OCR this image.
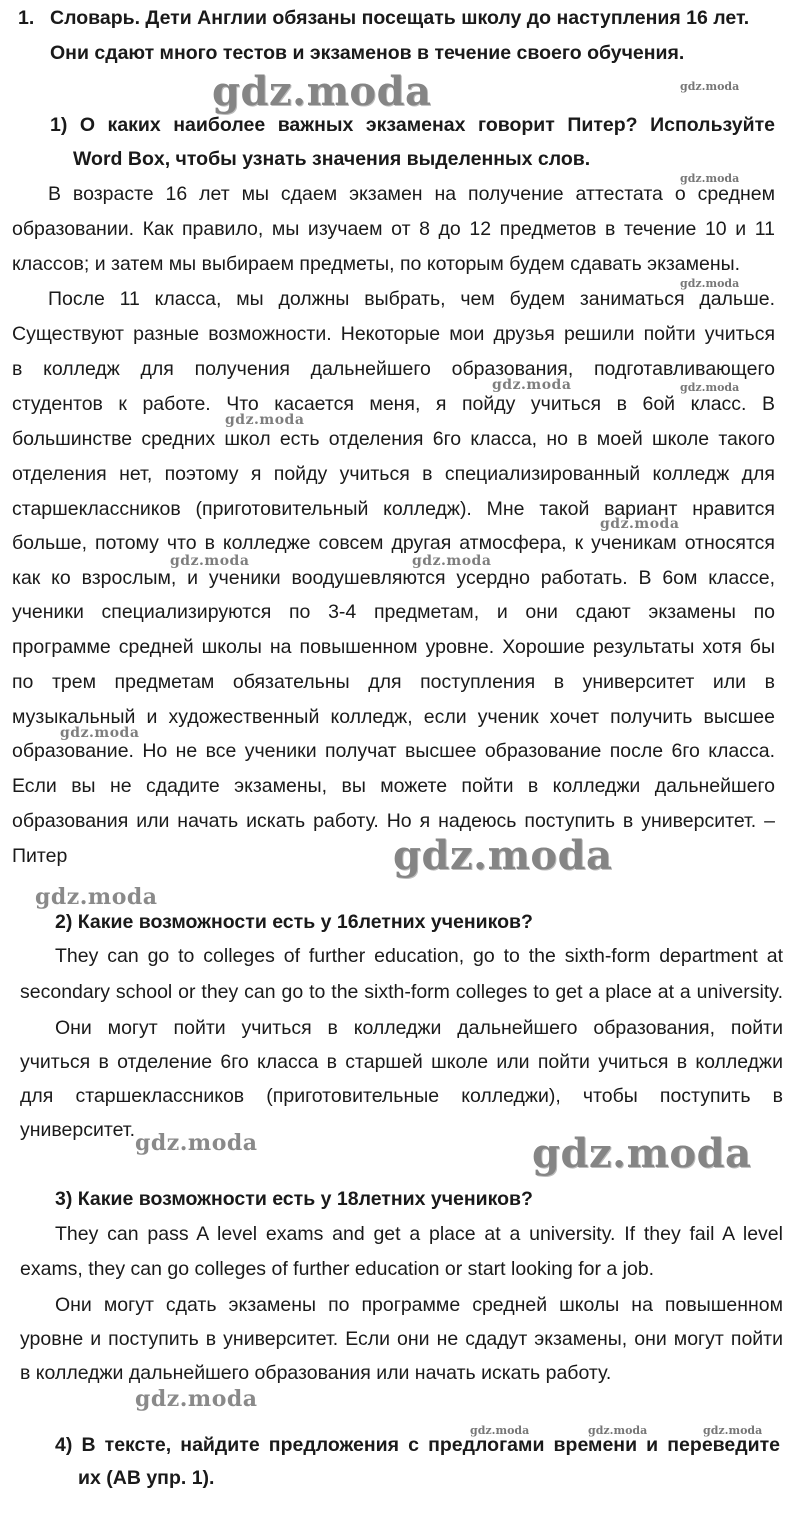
1. Словарь. Дети Англии обязаны посещать школу до наступления 16 лет.
Они сдают много тестов и экзаменов в течение своего обучения.
1) О каких наиболее важных экзаменах говорит Питер? Используйте
Word Box, чтобы узнать значения выделенных слов.
В возрасте 16 лет мы сдаем экзамен на получение аттестата о среднем
образовании. Как правило, мы изучаем от 8 до 12 предметов в течение 10 и 11
классов; и затем мы выбираем предметы, по которым будем сдавать экзамены.
После 11 класса, мы должны выбрать, чем будем заниматься дальше.
Существуют разные возможности. Некоторые мои друзья решили пойти учиться
в колледж для получения дальнейшего образования, подготавливающего
студентов к работе. Что касается меня, я пойду учиться в 6ой класс. В
большинстве средних школ есть отделения 6го класса, но в моей школе такого
отделения нет, поэтому я пойду учиться в специализированный колледж для
старшеклассников (приготовительный колледж). Мне такой вариант нравится
больше, потому что в колледже совсем другая атмосфера, к ученикам относятся
как ко взрослым, и ученики воодушевляются усердно работать. В 6ом классе,
ученики специализируются по 3-4 предметам, и они сдают экзамены по
программе средней школы на повышенном уровне. Хорошие результаты хотя бы
по трем предметам обязательны для поступления в университет или в
музыкальный и художественный колледж, если ученик хочет получить высшее
образование. Но не все ученики получат высшее образование после 6го класса.
Если вы не сдадите экзамены, вы можете пойти в колледжи дальнейшего
образования или начать искать работу. Но я надеюсь поступить в университет. –
Питер
2) Какие возможности есть у 16летних учеников?
They can go to colleges of further education, go to the sixth-form department at
secondary school or they can go to the sixth-form colleges to get a place at a university.
Они могут пойти учиться в колледжи дальнейшего образования, пойти
учиться в отделение 6го класса в старшей школе или пойти учиться в колледжи
для старшеклассников (приготовительные колледжи), чтобы поступить в
университет.
3) Какие возможности есть у 18летних учеников?
They can pass A level exams and get a place at a university. If they fail A level
exams, they can go colleges of further education or start looking for a job.
Они могут сдать экзамены по программе средней школы на повышенном
уровне и поступить в университет. Если они не сдадут экзамены, они могут пойти
в колледжи дальнейшего образования или начать искать работу.
4) В тексте, найдите предложения с предлогами времени и переведите
их (AB упр. 1).
gdz.moda	gdz.moda
gdz.moda
gdz.moda
gdz.moda	gdz.moda
gdz.moda
gdz.moda
gdz.moda	gdz.moda
gdz.moda
gdz.moda
gdz.moda
gdz.moda	gdz.moda
gdz.moda
gdz.moda	gdz.moda	gdz.moda
